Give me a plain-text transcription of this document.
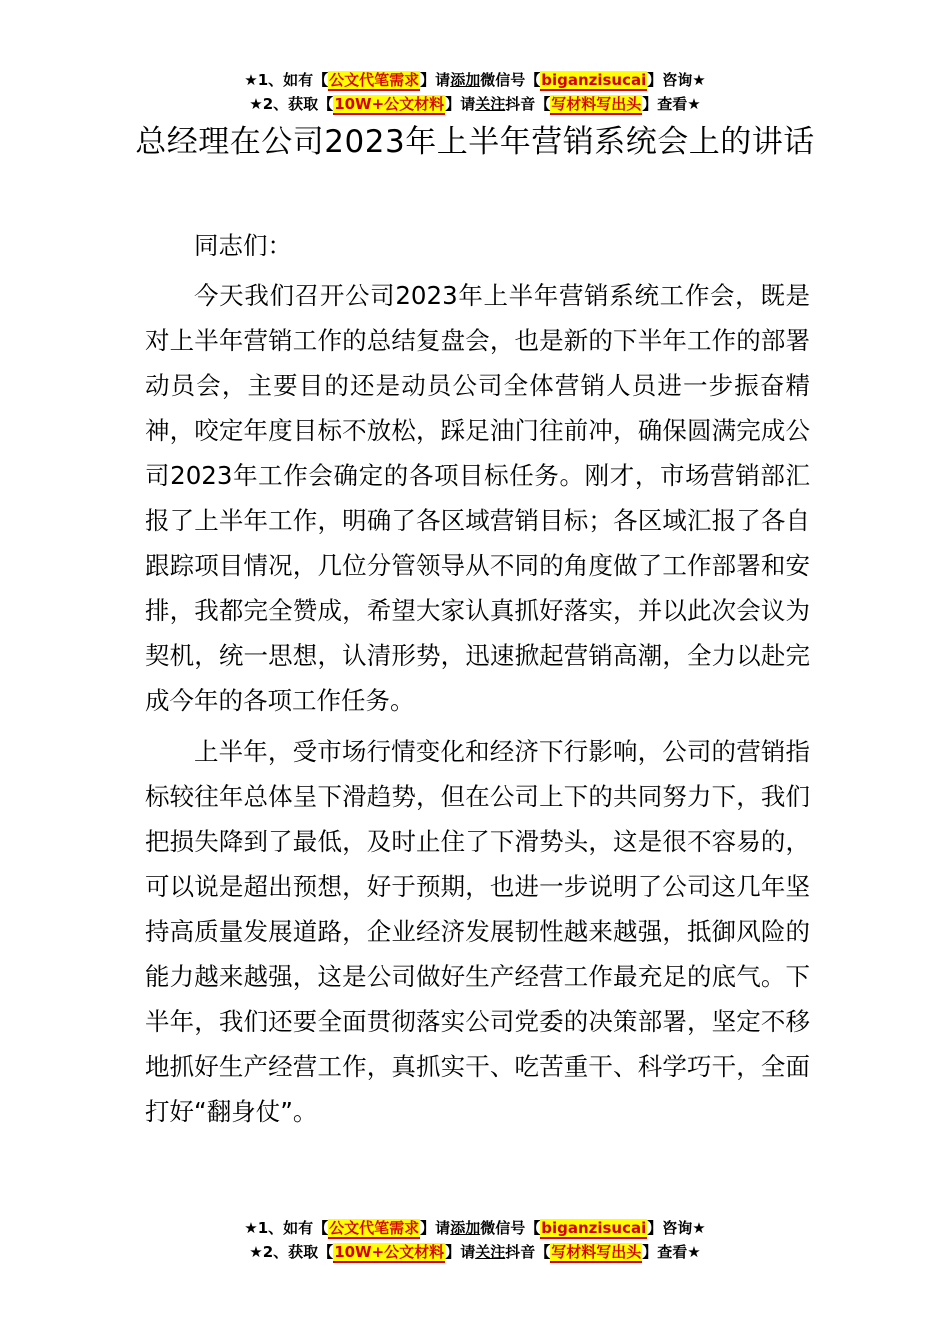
★1、如有【公文代笔需求】请添加微信号【biganzisucai】咨询★
★2、获取【10W+公文材料】请关注抖音【写材料写出头】查看★
总经理在公司2023年上半年营销系统会上的讲话

同志们：

今天我们召开公司2023年上半年营销系统工作会，既是对上半年营销工作的总结复盘会，也是新的下半年工作的部署动员会，主要目的还是动员公司全体营销人员进一步振奋精神，咬定年度目标不放松，踩足油门往前冲，确保圆满完成公司2023年工作会确定的各项目标任务。刚才，市场营销部汇报了上半年工作，明确了各区域营销目标；各区域汇报了各自跟踪项目情况，几位分管领导从不同的角度做了工作部署和安排，我都完全赞成，希望大家认真抓好落实，并以此次会议为契机，统一思想，认清形势，迅速掀起营销高潮，全力以赴完成今年的各项工作任务。

上半年，受市场行情变化和经济下行影响，公司的营销指标较往年总体呈下滑趋势，但在公司上下的共同努力下，我们把损失降到了最低，及时止住了下滑势头，这是很不容易的，可以说是超出预想，好于预期，也进一步说明了公司这几年坚持高质量发展道路，企业经济发展韧性越来越强，抵御风险的能力越来越强，这是公司做好生产经营工作最充足的底气。下半年，我们还要全面贯彻落实公司党委的决策部署，坚定不移地抓好生产经营工作，真抓实干、吃苦重干、科学巧干，全面打好“翻身仗”。

★1、如有【公文代笔需求】请添加微信号【biganzisucai】咨询★
★2、获取【10W+公文材料】请关注抖音【写材料写出头】查看★
